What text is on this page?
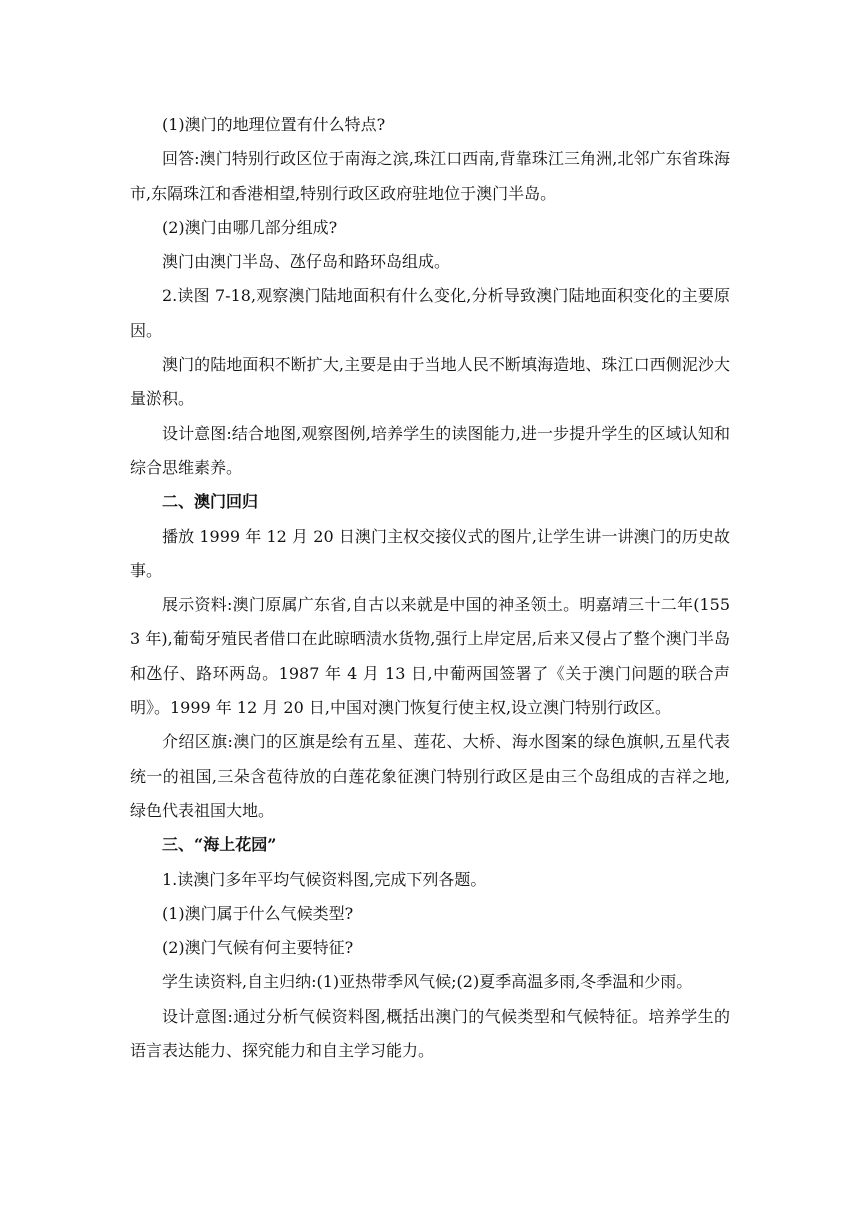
(1)澳门的地理位置有什么特点?

回答:澳门特别行政区位于南海之滨,珠江口西南,背靠珠江三角洲,北邻广东省珠海市,东隔珠江和香港相望,特别行政区政府驻地位于澳门半岛。

(2)澳门由哪几部分组成?

澳门由澳门半岛、氹仔岛和路环岛组成。

2.读图 7-18,观察澳门陆地面积有什么变化,分析导致澳门陆地面积变化的主要原因。

澳门的陆地面积不断扩大,主要是由于当地人民不断填海造地、珠江口西侧泥沙大量淤积。

设计意图:结合地图,观察图例,培养学生的读图能力,进一步提升学生的区域认知和综合思维素养。

二、澳门回归

播放 1999 年 12 月 20 日澳门主权交接仪式的图片,让学生讲一讲澳门的历史故事。

展示资料:澳门原属广东省,自古以来就是中国的神圣领土。明嘉靖三十二年(1553 年),葡萄牙殖民者借口在此晾晒渍水货物,强行上岸定居,后来又侵占了整个澳门半岛和氹仔、路环两岛。1987 年 4 月 13 日,中葡两国签署了《关于澳门问题的联合声明》。1999 年 12 月 20 日,中国对澳门恢复行使主权,设立澳门特别行政区。

介绍区旗:澳门的区旗是绘有五星、莲花、大桥、海水图案的绿色旗帜,五星代表统一的祖国,三朵含苞待放的白莲花象征澳门特别行政区是由三个岛组成的吉祥之地,绿色代表祖国大地。

三、“海上花园”

1.读澳门多年平均气候资料图,完成下列各题。

(1)澳门属于什么气候类型?

(2)澳门气候有何主要特征?

学生读资料,自主归纳:(1)亚热带季风气候;(2)夏季高温多雨,冬季温和少雨。

设计意图:通过分析气候资料图,概括出澳门的气候类型和气候特征。培养学生的语言表达能力、探究能力和自主学习能力。
